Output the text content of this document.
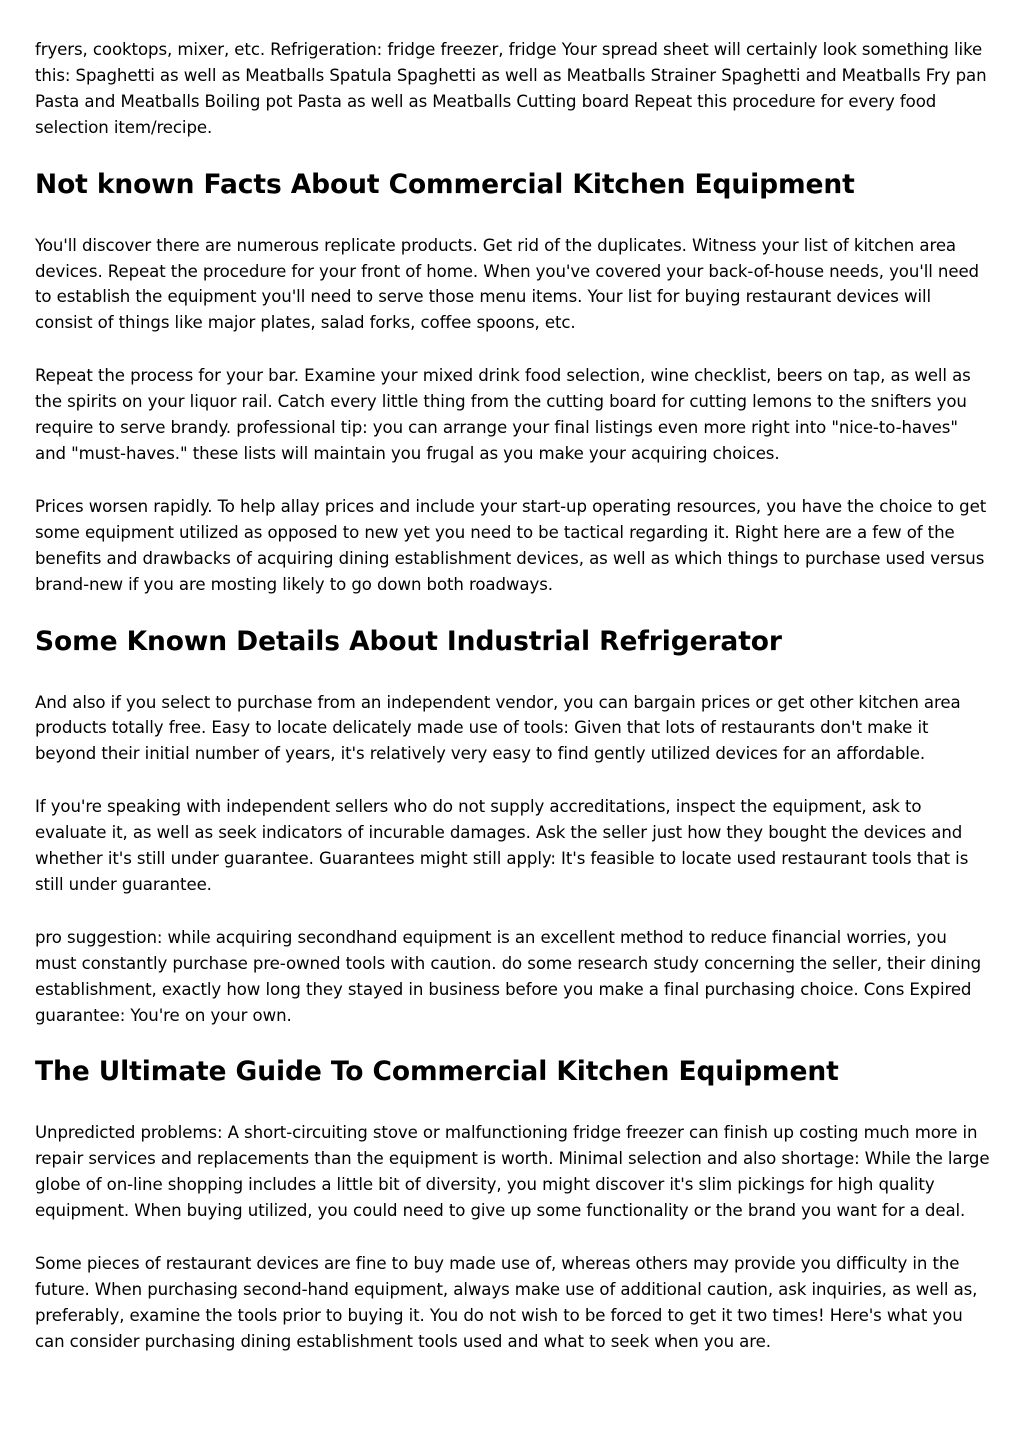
fryers, cooktops, mixer, etc. Refrigeration: fridge freezer, fridge Your spread sheet will certainly look something like this: Spaghetti as well as Meatballs Spatula Spaghetti as well as Meatballs Strainer Spaghetti and Meatballs Fry pan Pasta and Meatballs Boiling pot Pasta as well as Meatballs Cutting board Repeat this procedure for every food selection item/recipe.

Not known Facts About Commercial Kitchen Equipment

You'll discover there are numerous replicate products. Get rid of the duplicates. Witness your list of kitchen area devices. Repeat the procedure for your front of home. When you've covered your back-of-house needs, you'll need to establish the equipment you'll need to serve those menu items. Your list for buying restaurant devices will consist of things like major plates, salad forks, coffee spoons, etc.

Repeat the process for your bar. Examine your mixed drink food selection, wine checklist, beers on tap, as well as the spirits on your liquor rail. Catch every little thing from the cutting board for cutting lemons to the snifters you require to serve brandy. professional tip: you can arrange your final listings even more right into "nice-to-haves" and "must-haves." these lists will maintain you frugal as you make your acquiring choices.

Prices worsen rapidly. To help allay prices and include your start-up operating resources, you have the choice to get some equipment utilized as opposed to new yet you need to be tactical regarding it. Right here are a few of the benefits and drawbacks of acquiring dining establishment devices, as well as which things to purchase used versus brand-new if you are mosting likely to go down both roadways.

Some Known Details About Industrial Refrigerator

And also if you select to purchase from an independent vendor, you can bargain prices or get other kitchen area products totally free. Easy to locate delicately made use of tools: Given that lots of restaurants don't make it beyond their initial number of years, it's relatively very easy to find gently utilized devices for an affordable.

If you're speaking with independent sellers who do not supply accreditations, inspect the equipment, ask to evaluate it, as well as seek indicators of incurable damages. Ask the seller just how they bought the devices and whether it's still under guarantee. Guarantees might still apply: It's feasible to locate used restaurant tools that is still under guarantee.

pro suggestion: while acquiring secondhand equipment is an excellent method to reduce financial worries, you must constantly purchase pre-owned tools with caution. do some research study concerning the seller, their dining establishment, exactly how long they stayed in business before you make a final purchasing choice. Cons Expired guarantee: You're on your own.

The Ultimate Guide To Commercial Kitchen Equipment

Unpredicted problems: A short-circuiting stove or malfunctioning fridge freezer can finish up costing much more in repair services and replacements than the equipment is worth. Minimal selection and also shortage: While the large globe of on-line shopping includes a little bit of diversity, you might discover it's slim pickings for high quality equipment. When buying utilized, you could need to give up some functionality or the brand you want for a deal.

Some pieces of restaurant devices are fine to buy made use of, whereas others may provide you difficulty in the future. When purchasing second-hand equipment, always make use of additional caution, ask inquiries, as well as, preferably, examine the tools prior to buying it. You do not wish to be forced to get it two times! Here's what you can consider purchasing dining establishment tools used and what to seek when you are.
